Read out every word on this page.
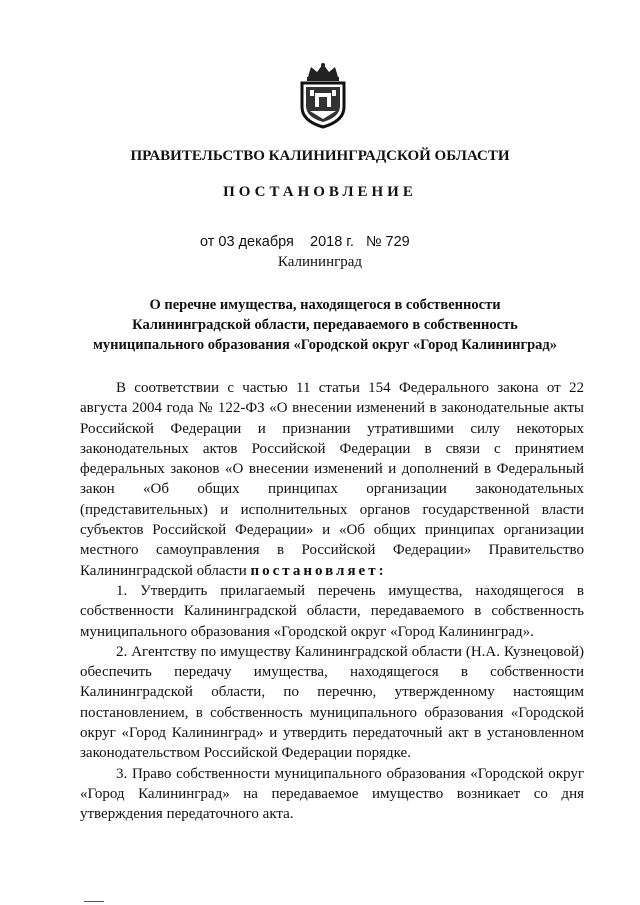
ПРАВИТЕЛЬСТВО КАЛИНИНГРАДСКОЙ ОБЛАСТИ
ПОСТАНОВЛЕНИЕ
от 03 декабря 2018 г. № 729
Калининград
О перечне имущества, находящегося в собственности
Калининградской области, передаваемого в собственность
муниципального образования «Городской округ «Город Калининград»

В соответствии с частью 11 статьи 154 Федерального закона от 22 августа 2004 года № 122-ФЗ «О внесении изменений в законодательные акты Российской Федерации и признании утратившими силу некоторых законодательных актов Российской Федерации в связи с принятием федеральных законов «О внесении изменений и дополнений в Федеральный закон «Об общих принципах организации законодательных (представительных) и исполнительных органов государственной власти субъектов Российской Федерации» и «Об общих принципах организации местного самоуправления в Российской Федерации» Правительство Калининградской области постановляет:

1. Утвердить прилагаемый перечень имущества, находящегося в собственности Калининградской области, передаваемого в собственность муниципального образования «Городской округ «Город Калининград».

2. Агентству по имуществу Калининградской области (Н.А. Кузнецовой) обеспечить передачу имущества, находящегося в собственности Калининградской области, по перечню, утвержденному настоящим постановлением, в собственность муниципального образования «Городской округ «Город Калининград» и утвердить передаточный акт в установленном законодательством Российской Федерации порядке.

3. Право собственности муниципального образования «Городской округ «Город Калининград» на передаваемое имущество возникает со дня утверждения передаточного акта.
